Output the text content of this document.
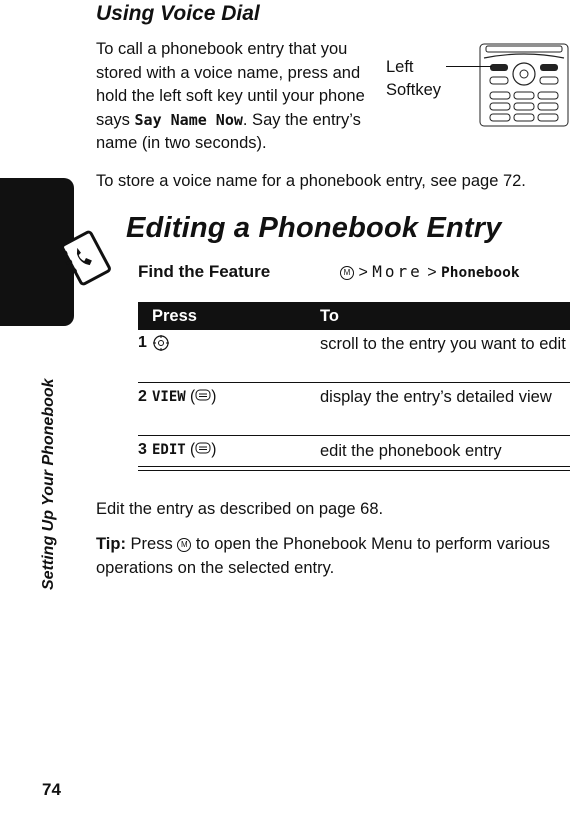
Setting Up Your Phonebook
Using Voice Dial
To call a phonebook entry that you stored with a voice name, press and hold the left soft key until your phone says Say Name Now. Say the entry’s name (in two seconds).
Left
Softkey
To store a voice name for a phonebook entry, see page 72.
Editing a Phonebook Entry
Find the Feature	M > More > Phonebook
Press	To
1	scroll to the entry you want to edit
2 VIEW ( )	display the entry’s detailed view
3 EDIT ( )	edit the phonebook entry
Edit the entry as described on page 68.
Tip: Press M to open the Phonebook Menu to perform various operations on the selected entry.
74
